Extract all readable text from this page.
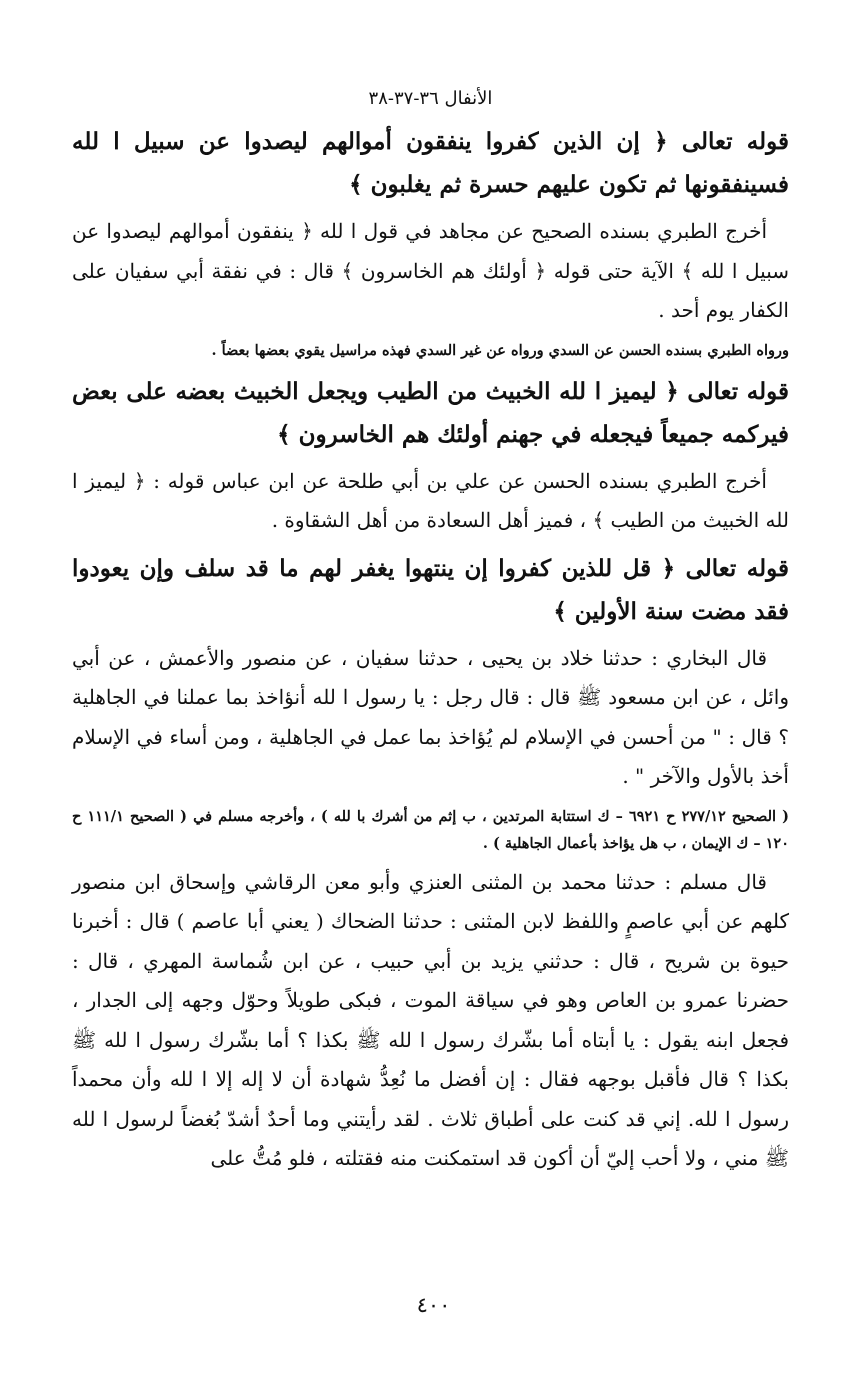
الأنفال ٣٦-٣٧-٣٨
قوله تعالى ﴿ إن الذين كفروا ينفقون أموالهم ليصدوا عن سبيل ا لله فسينفقونها ثم تكون عليهم حسرة ثم يغلبون ﴾
أخرج الطبري بسنده الصحيح عن مجاهد في قول ا لله ﴿ ينفقون أموالهم ليصدوا عن سبيل ا لله ﴾ الآية حتى قوله ﴿ أولئك هم الخاسرون ﴾ قال : في نفقة أبي سفيان على الكفار يوم أحد .
ورواه الطبري بسنده الحسن عن السدي ورواه عن غير السدي فهذه مراسيل يقوي بعضها بعضاً .
قوله تعالى ﴿ ليميز ا لله الخبيث من الطيب ويجعل الخبيث بعضه على بعض فيركمه جميعاً فيجعله في جهنم أولئك هم الخاسرون ﴾
أخرج الطبري بسنده الحسن عن علي بن أبي طلحة عن ابن عباس قوله : ﴿ ليميز ا لله الخبيث من الطيب ﴾ ، فميز أهل السعادة من أهل الشقاوة .
قوله تعالى ﴿ قل للذين كفروا إن ينتهوا يغفر لهم ما قد سلف وإن يعودوا فقد مضت سنة الأولين ﴾
قال البخاري : حدثنا خلاد بن يحيى ، حدثنا سفيان ، عن منصور والأعمش ، عن أبي وائل ، عن ابن مسعود ﷺ قال : قال رجل : يا رسول ا لله أنؤاخذ بما عملنا في الجاهلية ؟ قال : " من أحسن في الإسلام لم يُؤاخذ بما عمل في الجاهلية ، ومن أساء في الإسلام أخذ بالأول والآخر " .
( الصحيح ٢٧٧/١٢ ح ٦٩٢١ – ك استتابة المرتدين ، ب إثم من أشرك با لله ) ، وأخرجه مسلم في ( الصحيح ١١١/١ ح ١٢٠ – ك الإيمان ، ب هل يؤاخذ بأعمال الجاهلية ) .
قال مسلم : حدثنا محمد بن المثنى العنزي وأبو معن الرقاشي وإسحاق ابن منصور كلهم عن أبي عاصمٍ واللفظ لابن المثنى : حدثنا الضحاك ( يعني أبا عاصم ) قال : أخبرنا حيوة بن شريح ، قال : حدثني يزيد بن أبي حبيب ، عن ابن شُماسة المهري ، قال : حضرنا عمرو بن العاص وهو في سياقة الموت ، فبكى طويلاً وحوّل وجهه إلى الجدار ، فجعل ابنه يقول : يا أبتاه أما بشّرك رسول ا لله ﷺ بكذا ؟ أما بشّرك رسول ا لله ﷺ بكذا ؟ قال فأقبل بوجهه فقال : إن أفضل ما نُعِدُّ شهادة أن لا إله إلا ا لله وأن محمداً رسول ا لله. إني قد كنت على أطباق ثلاث . لقد رأيتني وما أحدٌ أشدّ بُغضاً لرسول ا لله ﷺ مني ، ولا أحب إليّ أن أكون قد استمكنت منه فقتلته ، فلو مُتُّ على
٤٠٠
